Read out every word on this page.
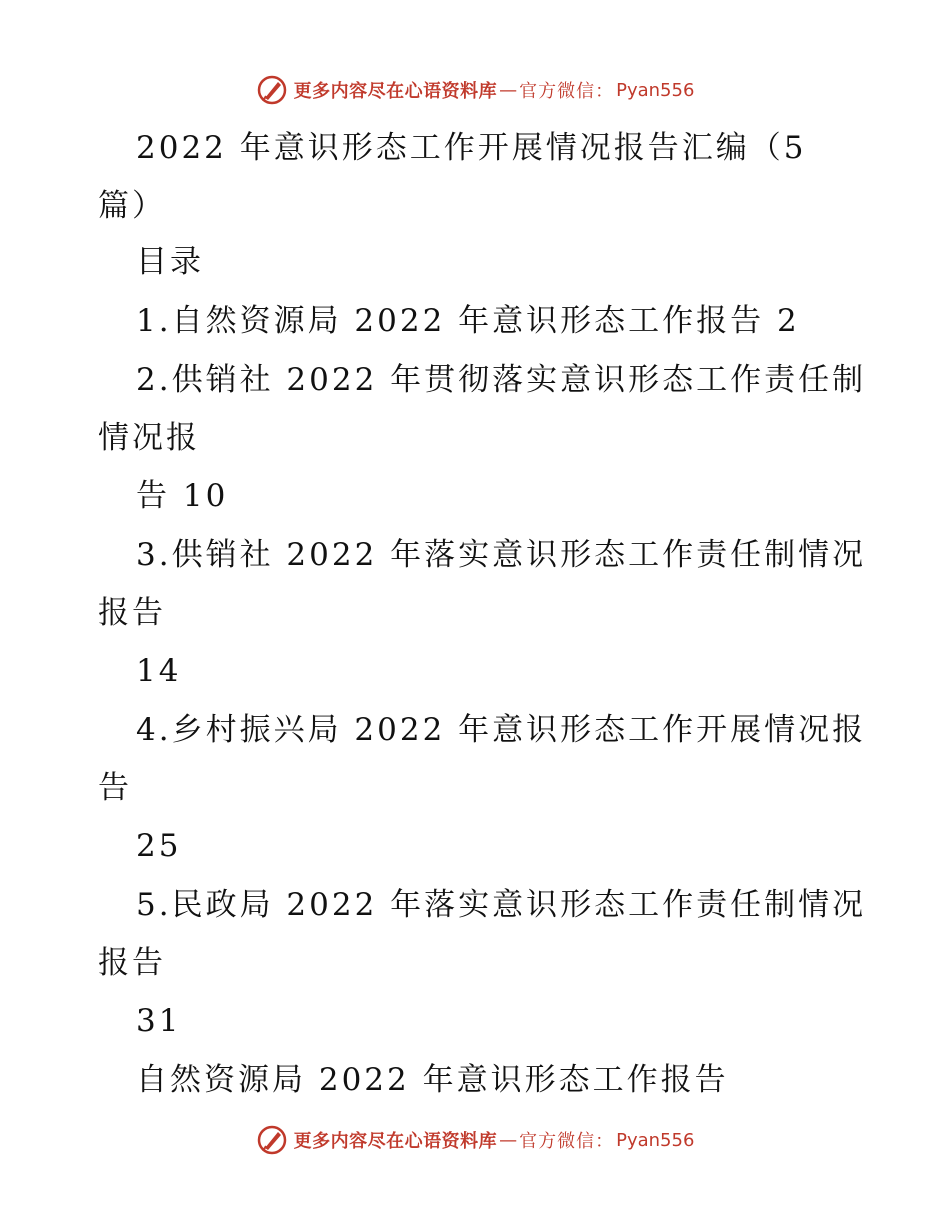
更多内容尽在心语资料库 — 官方微信： Pyan556
2022 年意识形态工作开展情况报告汇编（5
篇）
目录
1.自然资源局 2022 年意识形态工作报告 2
2.供销社 2022 年贯彻落实意识形态工作责任制
情况报
告 10
3.供销社 2022 年落实意识形态工作责任制情况
报告
14
4.乡村振兴局 2022 年意识形态工作开展情况报
告
25
5.民政局 2022 年落实意识形态工作责任制情况
报告
31
自然资源局 2022 年意识形态工作报告
更多内容尽在心语资料库 — 官方微信： Pyan556
